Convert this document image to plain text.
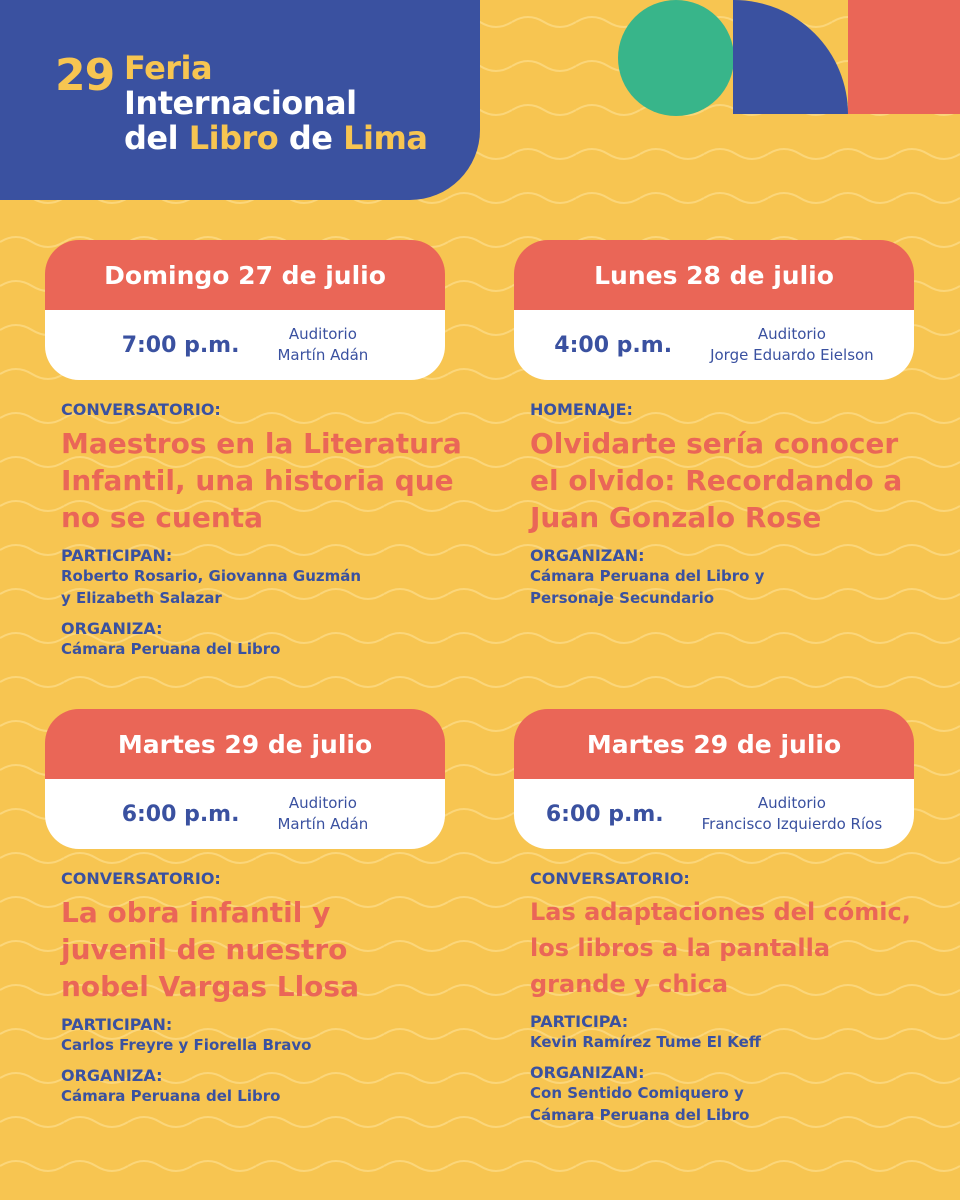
29 Feria
Internacional
del Libro de Lima
Domingo 27 de julio
7:00 p.m.	Auditorio
Martín Adán
CONVERSATORIO:
Maestros en la Literatura
Infantil, una historia que
no se cuenta
PARTICIPAN:
Roberto Rosario, Giovanna Guzmán
y Elizabeth Salazar
ORGANIZA:
Cámara Peruana del Libro
Lunes 28 de julio
4:00 p.m.	Auditorio
Jorge Eduardo Eielson
HOMENAJE:
Olvidarte sería conocer
el olvido: Recordando a
Juan Gonzalo Rose
ORGANIZAN:
Cámara Peruana del Libro y
Personaje Secundario
Martes 29 de julio
6:00 p.m.	Auditorio
Martín Adán
CONVERSATORIO:
La obra infantil y
juvenil de nuestro
nobel Vargas Llosa
PARTICIPAN:
Carlos Freyre y Fiorella Bravo
ORGANIZA:
Cámara Peruana del Libro
Martes 29 de julio
6:00 p.m.	Auditorio
Francisco Izquierdo Ríos
CONVERSATORIO:
Las adaptaciones del cómic,
los libros a la pantalla
grande y chica
PARTICIPA:
Kevin Ramírez Tume El Keff
ORGANIZAN:
Con Sentido Comiquero y
Cámara Peruana del Libro
